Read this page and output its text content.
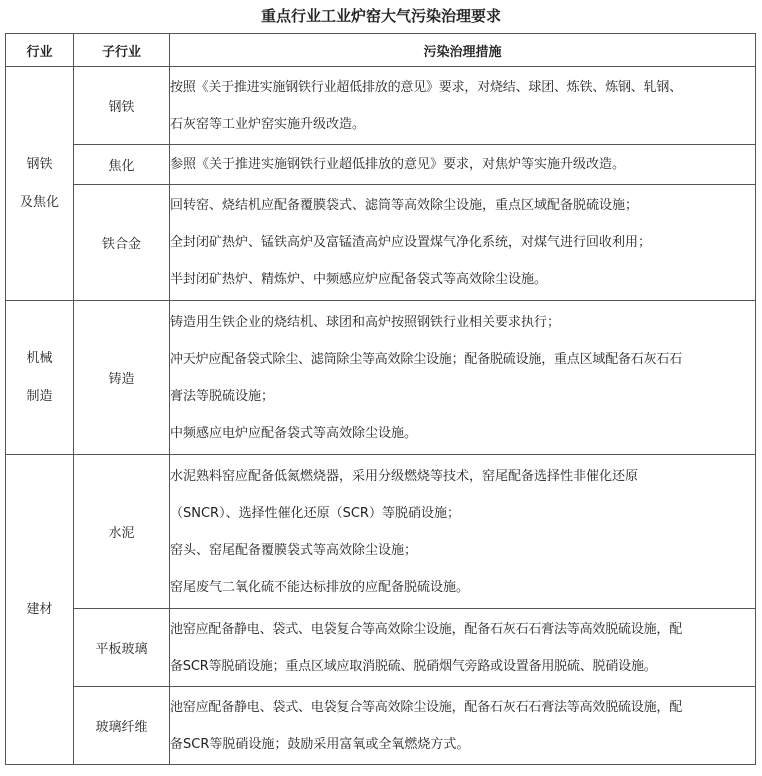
重点行业工业炉窑大气污染治理要求
行业	子行业	污染治理措施

钢铁
及焦化	钢铁	按照《关于推进实施钢铁行业超低排放的意见》要求，对烧结、球团、炼铁、炼钢、轧钢、
石灰窑等工业炉窑实施升级改造。

	焦化	参照《关于推进实施钢铁行业超低排放的意见》要求，对焦炉等实施升级改造。

	铁合金	回转窑、烧结机应配备覆膜袋式、滤筒等高效除尘设施，重点区域配备脱硫设施；
全封闭矿热炉、锰铁高炉及富锰渣高炉应设置煤气净化系统，对煤气进行回收利用；
半封闭矿热炉、精炼炉、中频感应炉应配备袋式等高效除尘设施。

机械
制造	铸造	铸造用生铁企业的烧结机、球团和高炉按照钢铁行业相关要求执行；
冲天炉应配备袋式除尘、滤筒除尘等高效除尘设施；配备脱硫设施，重点区域配备石灰石石
膏法等脱硫设施；
中频感应电炉应配备袋式等高效除尘设施。

建材	水泥	水泥熟料窑应配备低氮燃烧器，采用分级燃烧等技术，窑尾配备选择性非催化还原
（SNCR）、选择性催化还原（SCR）等脱硝设施；
窑头、窑尾配备覆膜袋式等高效除尘设施；
窑尾废气二氧化硫不能达标排放的应配备脱硫设施。

	平板玻璃	池窑应配备静电、袋式、电袋复合等高效除尘设施，配备石灰石石膏法等高效脱硫设施，配
备SCR等脱硝设施；重点区域应取消脱硫、脱硝烟气旁路或设置备用脱硫、脱硝设施。

	玻璃纤维	池窑应配备静电、袋式、电袋复合等高效除尘设施，配备石灰石石膏法等高效脱硫设施，配
备SCR等脱硝设施；鼓励采用富氧或全氧燃烧方式。
